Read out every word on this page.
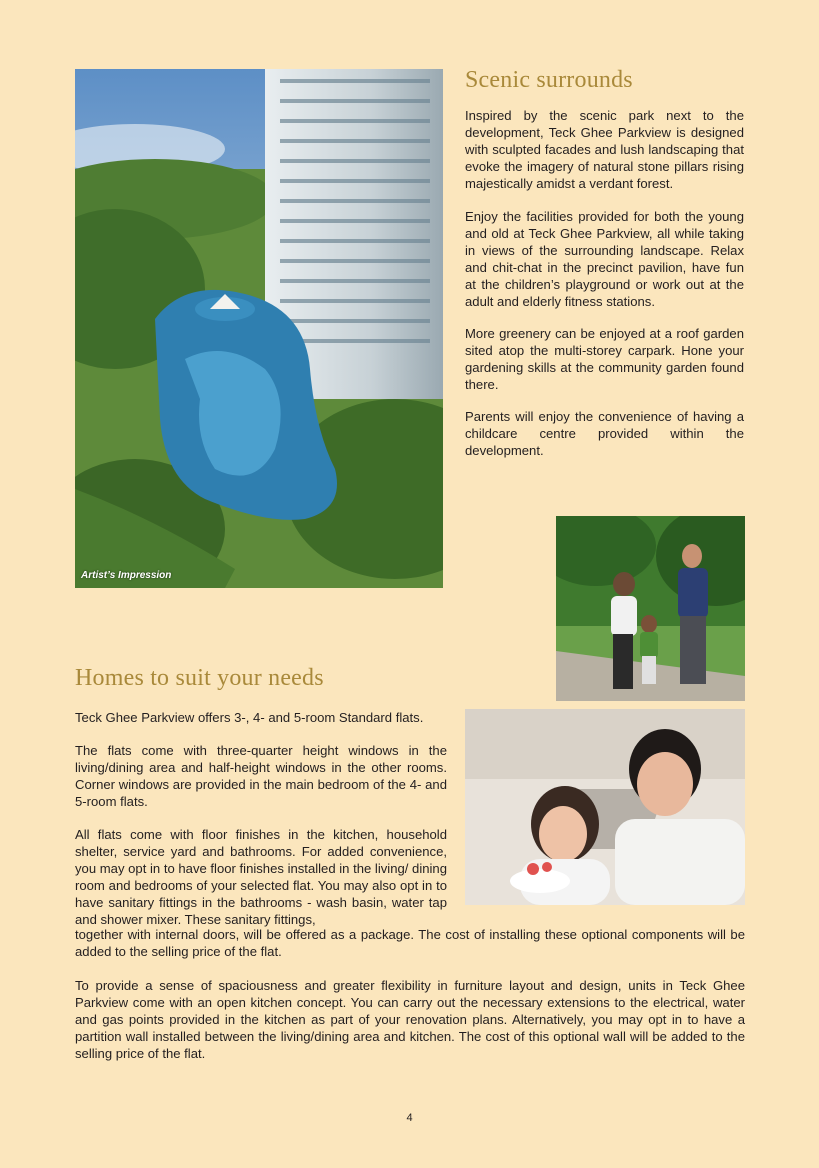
Artist’s Impression
Scenic surrounds

Inspired by the scenic park next to the development, Teck Ghee Parkview is designed with sculpted facades and lush landscaping that evoke the imagery of natural stone pillars rising majestically amidst a verdant forest.

Enjoy the facilities provided for both the young and old at Teck Ghee Parkview, all while taking in views of the surrounding landscape. Relax and chit-chat in the precinct pavilion, have fun at the children’s playground or work out at the adult and elderly fitness stations.

More greenery can be enjoyed at a roof garden sited atop the multi-storey carpark. Hone your gardening skills at the community garden found there.

Parents will enjoy the convenience of having a childcare centre provided within the development.

Homes to suit your needs

Teck Ghee Parkview offers 3-, 4- and 5-room Standard flats.

The flats come with three-quarter height windows in the living/dining area and half-height windows in the other rooms. Corner windows are provided in the main bedroom of the 4- and 5-room flats.

All flats come with floor finishes in the kitchen, household shelter, service yard and bathrooms. For added convenience, you may opt in to have floor finishes installed in the living/ dining room and bedrooms of your selected flat. You may also opt in to have sanitary fittings in the bathrooms - wash basin, water tap and shower mixer. These sanitary fittings,

together with internal doors, will be offered as a package. The cost of installing these optional components will be added to the selling price of the flat.

To provide a sense of spaciousness and greater flexibility in furniture layout and design, units in Teck Ghee Parkview come with an open kitchen concept. You can carry out the necessary extensions to the electrical, water and gas points provided in the kitchen as part of your renovation plans. Alternatively, you may opt in to have a partition wall installed between the living/dining area and kitchen. The cost of this optional wall will be added to the selling price of the flat.

4
